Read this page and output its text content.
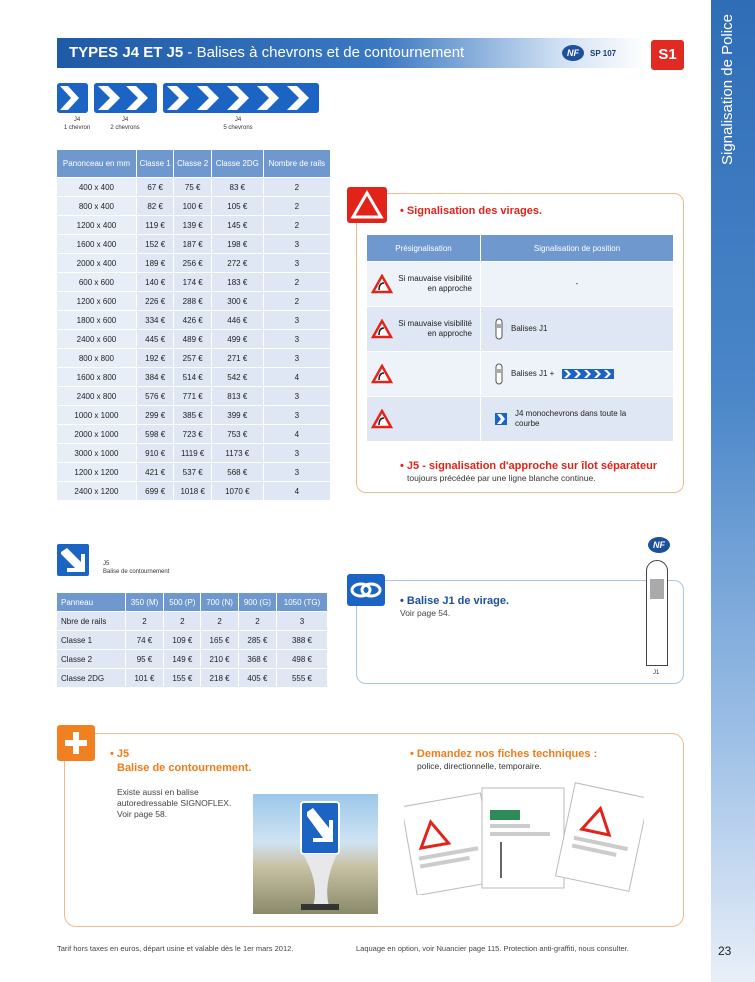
Signalisation de Police
TYPES J4 ET J5 - Balises à chevrons et de contournement	NF	SP 107	S1
J4
1 chevron
J4
2 chevrons
J4
5 chevrons
Panonceau en mm	Classe 1	Classe 2	Classe 2DG	Nombre de rails
400 x 400	67 €	75 €	83 €	2
800 x 400	82 €	100 €	105 €	2
1200 x 400	119 €	139 €	145 €	2
1600 x 400	152 €	187 €	198 €	3
2000 x 400	189 €	256 €	272 €	3
600 x 600	140 €	174 €	183 €	2
1200 x 600	226 €	288 €	300 €	2
1800 x 600	334 €	426 €	446 €	3
2400 x 600	445 €	489 €	499 €	3
800 x 800	192 €	257 €	271 €	3
1600 x 800	384 €	514 €	542 €	4
2400 x 800	576 €	771 €	813 €	3
1000 x 1000	299 €	385 €	399 €	3
2000 x 1000	598 €	723 €	753 €	4
3000 x 1000	910 €	1119 €	1173 €	3
1200 x 1200	421 €	537 €	568 €	3
2400 x 1200	699 €	1018 €	1070 €	4
• Signalisation des virages.
Présignalisation	Signalisation de position

Si mauvaise visibilité en approche	-

Si mauvaise visibilité en approche	Balises J1

Balises J1 +

J4 monochevrons dans toute la courbe
• J5 - signalisation d'approche sur îlot séparateur
toujours précédée par une ligne blanche continue.
J5
Balise de contournement
Panneau	350 (M)	500 (P)	700 (N)	900 (G)	1050 (TG)
Nbre de rails	2	2	2	2	3
Classe 1	74 €	109 €	165 €	285 €	388 €
Classe 2	95 €	149 €	210 €	368 €	498 €
Classe 2DG	101 €	155 €	218 €	405 €	555 €
• Balise J1 de virage.
Voir page 54.
NF
J1
• J5
Balise de contournement.
Existe aussi en balise autoredressable SIGNOFLEX. Voir page 58.
• Demandez nos fiches techniques :
police, directionnelle, temporaire.
Tarif hors taxes en euros, départ usine et valable dès le 1er mars 2012.	Laquage en option, voir Nuancier page 115. Protection anti-graffiti, nous consulter.	23
